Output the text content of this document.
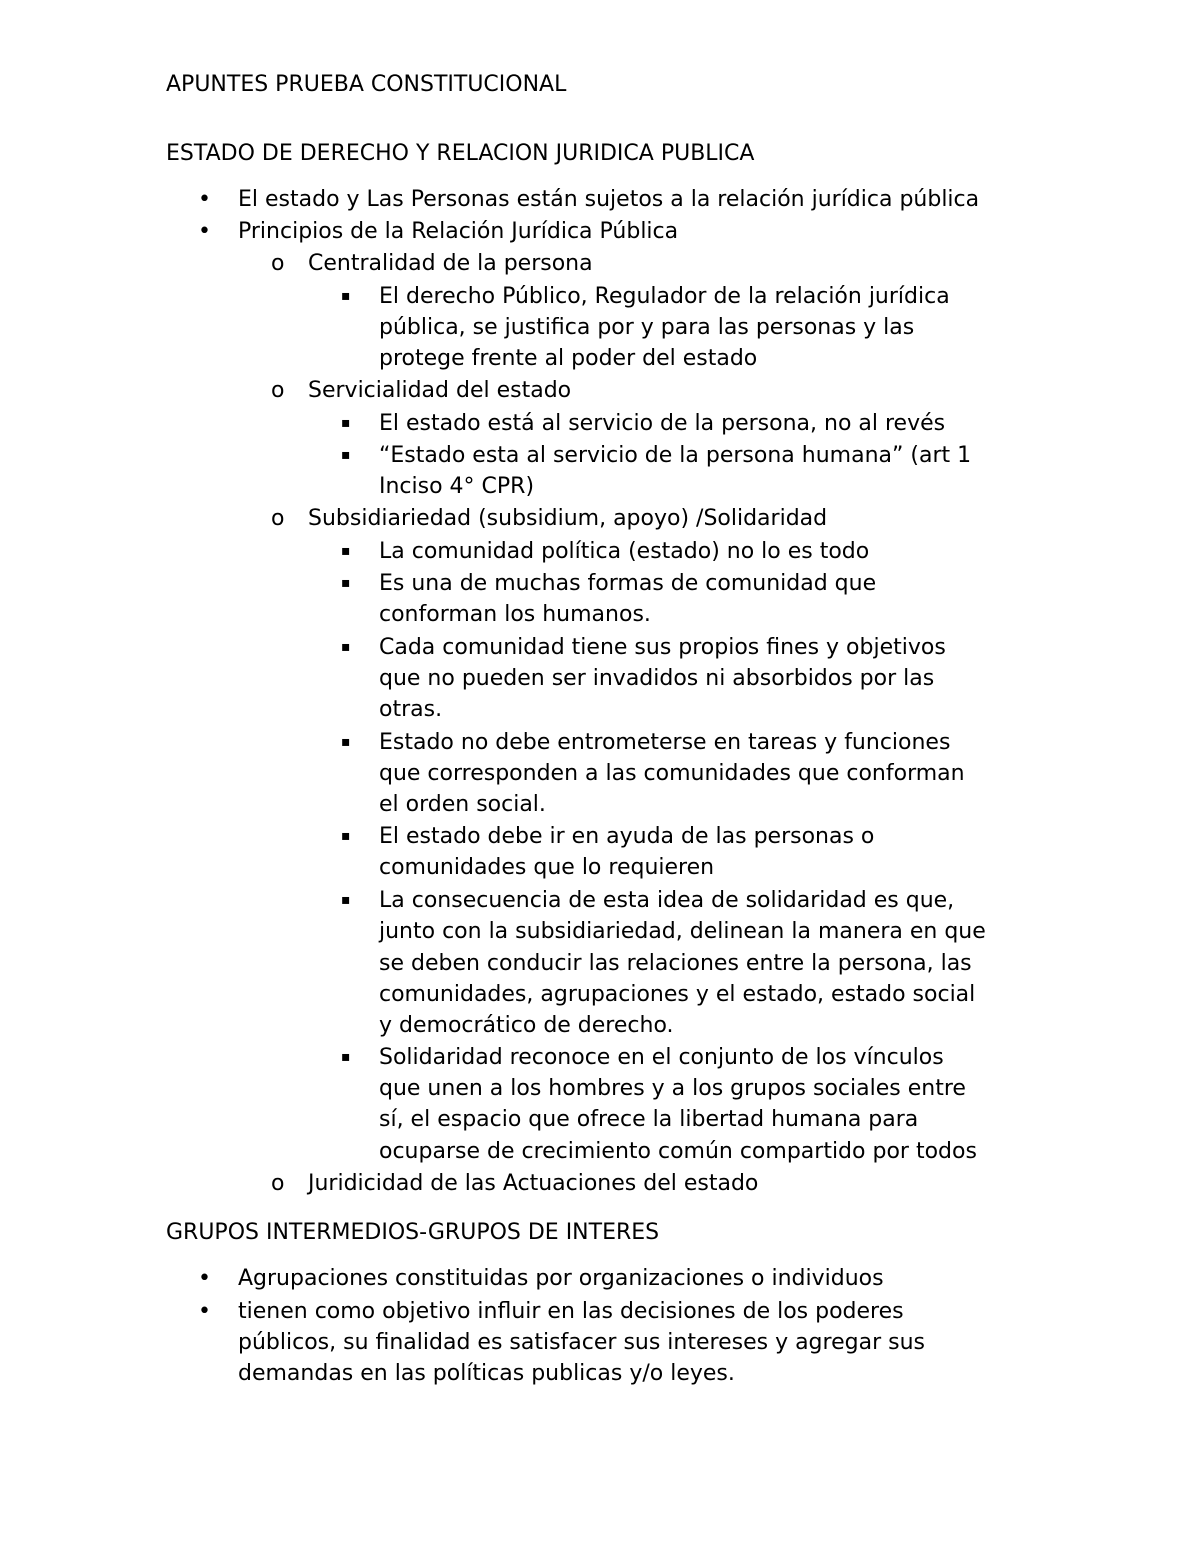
APUNTES PRUEBA CONSTITUCIONAL
ESTADO DE DERECHO Y RELACION JURIDICA PUBLICA
• El estado y Las Personas están sujetos a la relación jurídica pública
• Principios de la Relación Jurídica Pública
o Centralidad de la persona
▪ El derecho Público, Regulador de la relación jurídica
pública, se justifica por y para las personas y las
protege frente al poder del estado
o Servicialidad del estado
▪ El estado está al servicio de la persona, no al revés
▪ “Estado esta al servicio de la persona humana” (art 1
Inciso 4° CPR)
o Subsidiariedad (subsidium, apoyo) /Solidaridad
▪ La comunidad política (estado) no lo es todo
▪ Es una de muchas formas de comunidad que
conforman los humanos.
▪ Cada comunidad tiene sus propios fines y objetivos
que no pueden ser invadidos ni absorbidos por las
otras.
▪ Estado no debe entrometerse en tareas y funciones
que corresponden a las comunidades que conforman
el orden social.
▪ El estado debe ir en ayuda de las personas o
comunidades que lo requieren
▪ La consecuencia de esta idea de solidaridad es que,
junto con la subsidiariedad, delinean la manera en que
se deben conducir las relaciones entre la persona, las
comunidades, agrupaciones y el estado, estado social
y democrático de derecho.
▪ Solidaridad reconoce en el conjunto de los vínculos
que unen a los hombres y a los grupos sociales entre
sí, el espacio que ofrece la libertad humana para
ocuparse de crecimiento común compartido por todos
o Juridicidad de las Actuaciones del estado
GRUPOS INTERMEDIOS-GRUPOS DE INTERES
• Agrupaciones constituidas por organizaciones o individuos
• tienen como objetivo influir en las decisiones de los poderes
públicos, su finalidad es satisfacer sus intereses y agregar sus
demandas en las políticas publicas y/o leyes.
